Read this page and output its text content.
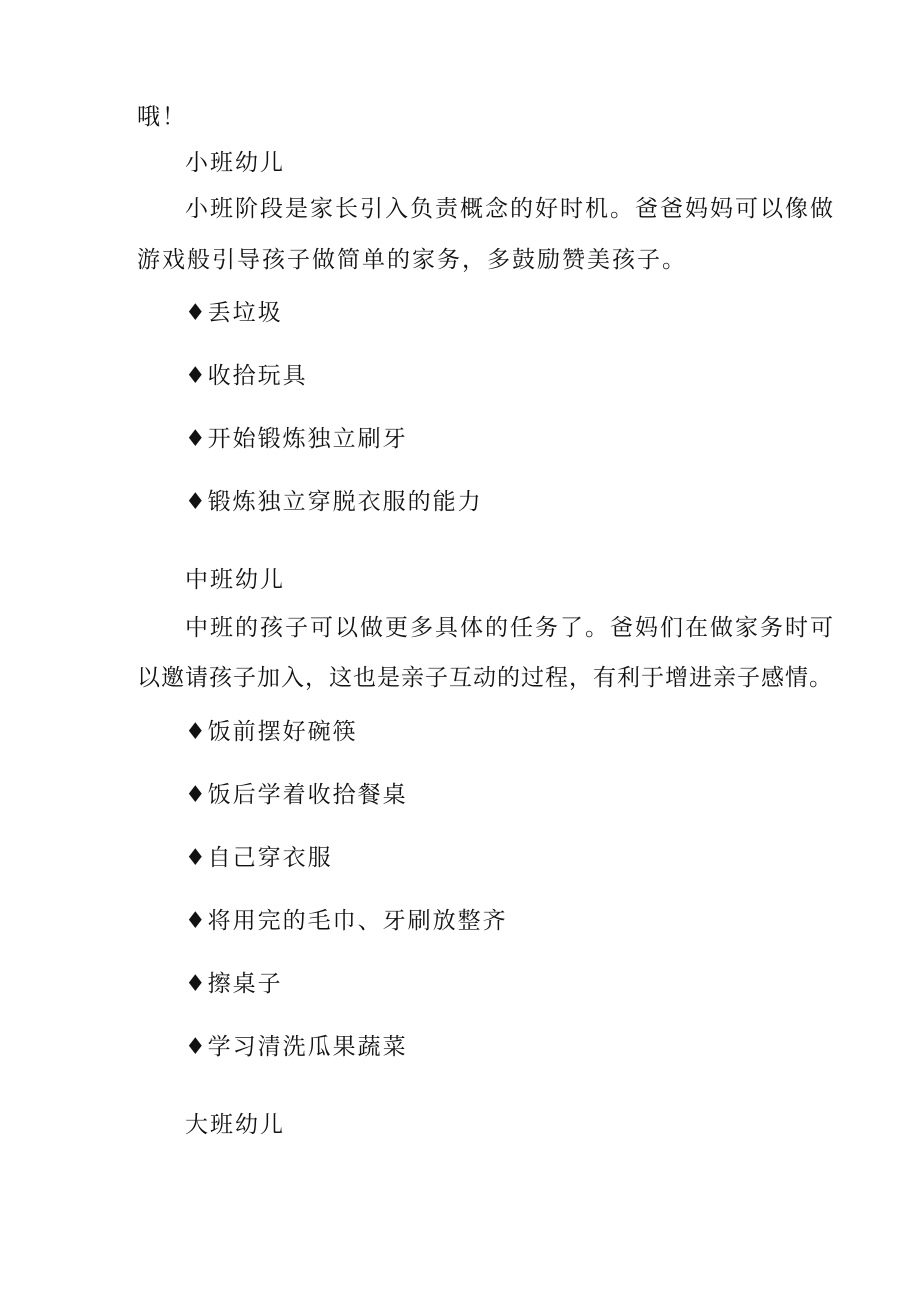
哦！
小班幼儿
小班阶段是家长引入负责概念的好时机。爸爸妈妈可以像做
游戏般引导孩子做简单的家务，多鼓励赞美孩子。
♦丢垃圾
♦收拾玩具
♦开始锻炼独立刷牙
♦锻炼独立穿脱衣服的能力
中班幼儿
中班的孩子可以做更多具体的任务了。爸妈们在做家务时可
以邀请孩子加入，这也是亲子互动的过程，有利于增进亲子感情。
♦饭前摆好碗筷
♦饭后学着收拾餐桌
♦自己穿衣服
♦将用完的毛巾、牙刷放整齐
♦擦桌子
♦学习清洗瓜果蔬菜
大班幼儿
